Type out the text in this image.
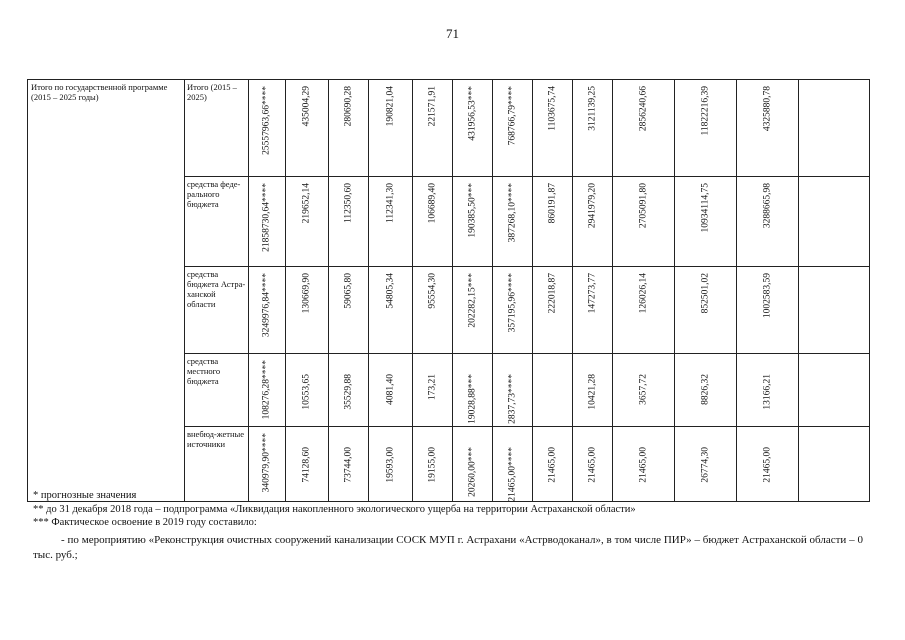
71
Итого по государственной программе (2015 – 2025 годы)	Итого (2015 – 2025)	25557963,66****	435004,29	280690,28	190821,04	221571,91	431956,53***	768766,79****	1103675,74	3121139,25	2856240,66	11822216,39	4325880,78	

	средства феде-рального бюджета	21858730,64****	219652,14	112350,60	112341,30	106689,40	190385,50***	387268,10****	860191,87	2941979,20	2705091,80	10934114,75	3288665,98	

	средства бюджета Астра-ханской области	3249976,84****	130669,90	59065,80	54805,34	95554,30	202282,15***	357195,96****	222018,87	147273,77	126026,14	852501,02	1002583,59	

	средства местного бюджета	108276,28****	10553,65	35529,88	4081,40	173,21	19028,88***	2837,73****		10421,28	3657,72	8826,32	13166,21	

	внебюд-жетные источники	340979,90****	74128,60	73744,00	19593,00	19155,00	20260,00***	21465,00****	21465,00	21465,00	21465,00	26774,30	21465,00	

* прогнозные значения
** до 31 декабря 2018 года – подпрограмма «Ликвидация накопленного экологического ущерба на территории Астраханской области»
*** Фактическое освоение в 2019 году составило:
- по мероприятию «Реконструкция очистных сооружений канализации СОСК МУП г. Астрахани «Астрводоканал», в том числе ПИР» – бюджет Астраханской области – 0 тыс. руб.;
